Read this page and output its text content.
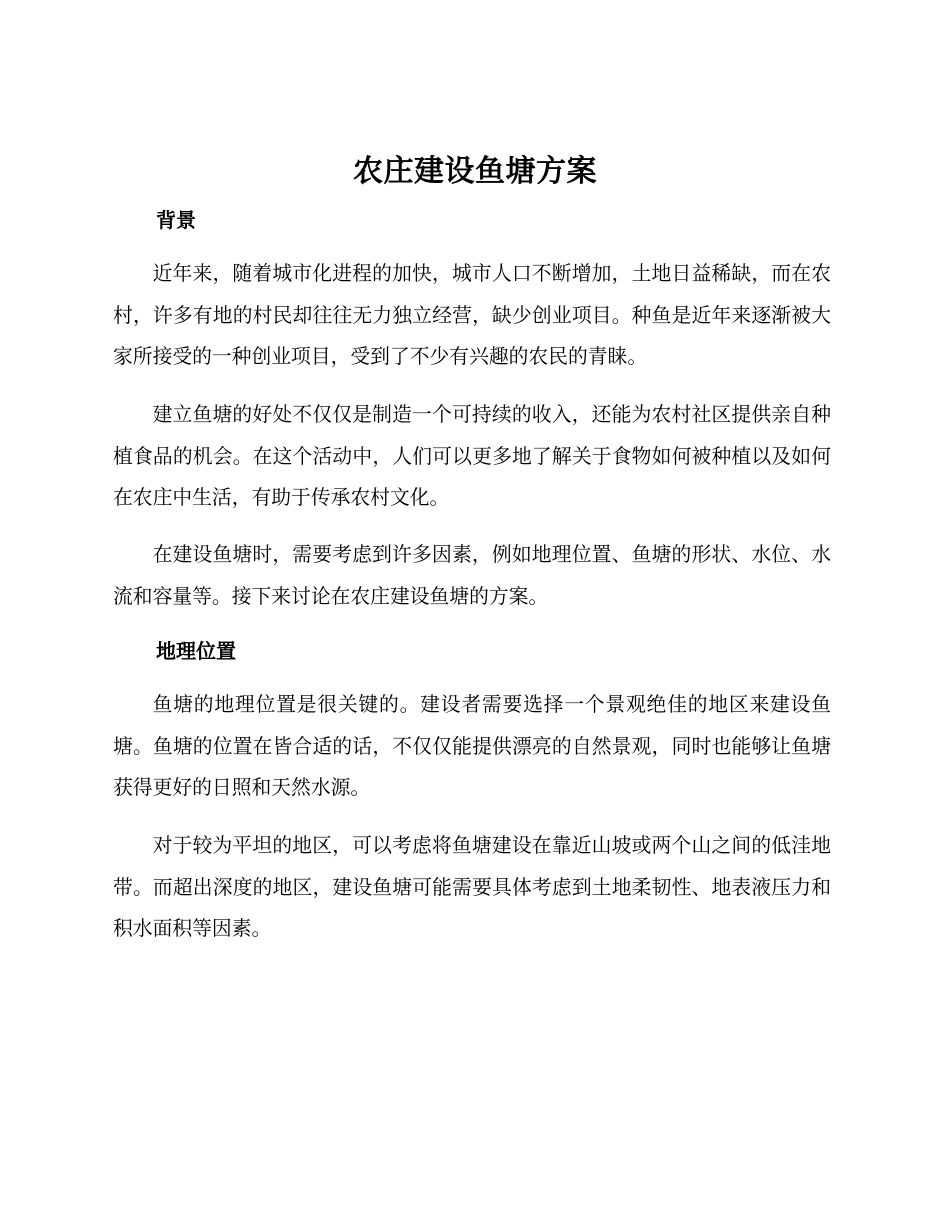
农庄建设鱼塘方案
背景

近年来，随着城市化进程的加快，城市人口不断增加，土地日益稀缺，而在农村，许多有地的村民却往往无力独立经营，缺少创业项目。种鱼是近年来逐渐被大家所接受的一种创业项目，受到了不少有兴趣的农民的青睐。

建立鱼塘的好处不仅仅是制造一个可持续的收入，还能为农村社区提供亲自种植食品的机会。在这个活动中，人们可以更多地了解关于食物如何被种植以及如何在农庄中生活，有助于传承农村文化。

在建设鱼塘时，需要考虑到许多因素，例如地理位置、鱼塘的形状、水位、水流和容量等。接下来讨论在农庄建设鱼塘的方案。

地理位置

鱼塘的地理位置是很关键的。建设者需要选择一个景观绝佳的地区来建设鱼塘。鱼塘的位置在皆合适的话，不仅仅能提供漂亮的自然景观，同时也能够让鱼塘获得更好的日照和天然水源。

对于较为平坦的地区，可以考虑将鱼塘建设在靠近山坡或两个山之间的低洼地带。而超出深度的地区，建设鱼塘可能需要具体考虑到土地柔韧性、地表液压力和积水面积等因素。
